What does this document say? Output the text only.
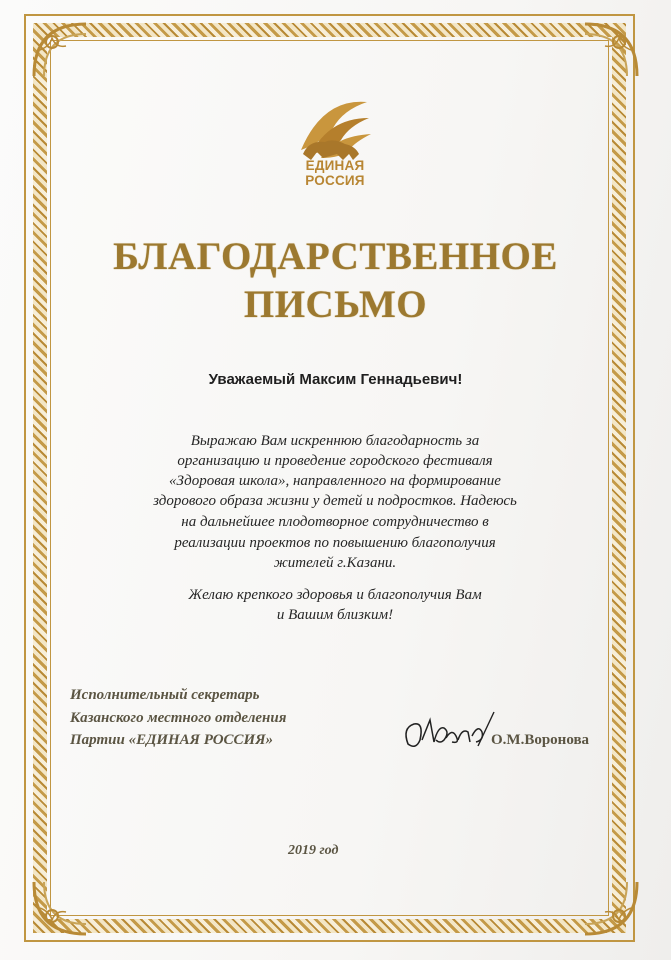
ЕДИНАЯ
РОССИЯ
БЛАГОДАРСТВЕННОЕ
ПИСЬМО
Уважаемый Максим Геннадьевич!
Выражаю Вам искреннюю благодарность за
организацию и проведение городского фестиваля
«Здоровая школа», направленного на формирование
здорового образа жизни у детей и подростков. Надеюсь
на дальнейшее плодотворное сотрудничество в
реализации проектов по повышению благополучия
жителей г.Казани.
Желаю крепкого здоровья и благополучия Вам
и Вашим близким!
Исполнительный секретарь
Казанского местного отделения
Партии «ЕДИНАЯ РОССИЯ»	О.М.Воронова
2019 год
